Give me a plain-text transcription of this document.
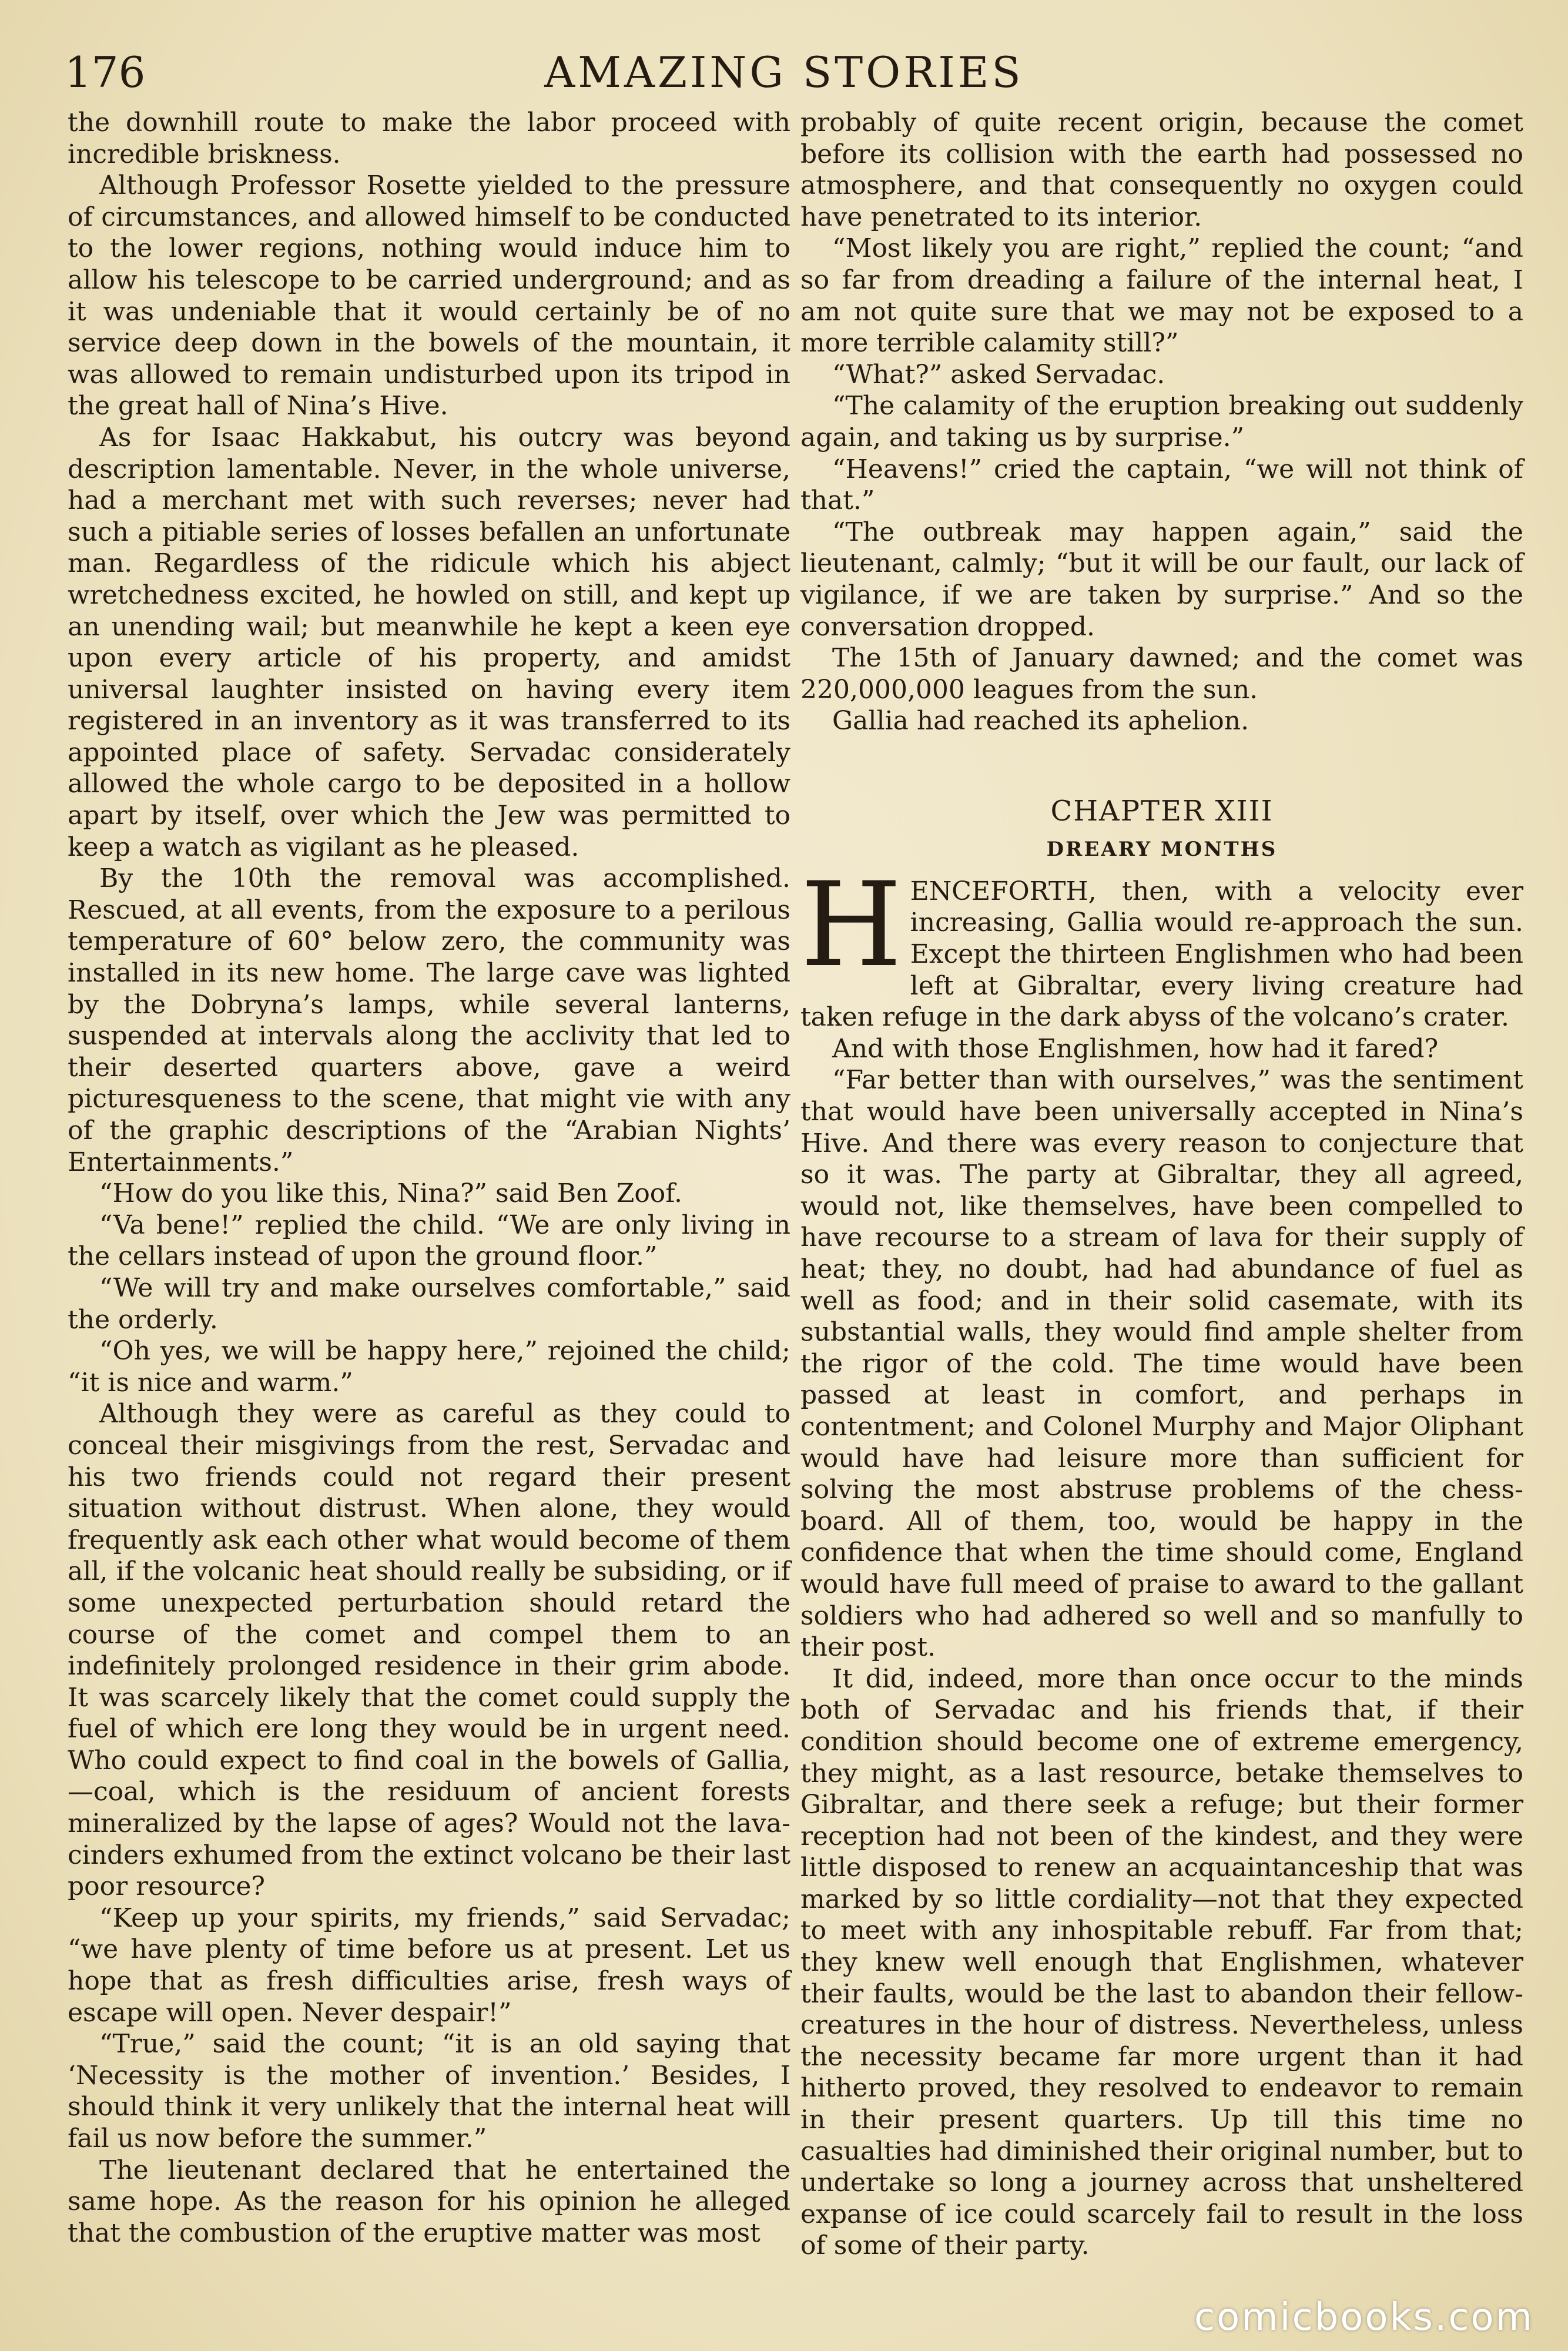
176	AMAZING STORIES

the downhill route to make the labor proceed with incredible briskness.

Although Professor Rosette yielded to the pressure of circumstances, and allowed himself to be conducted to the lower regions, nothing would induce him to allow his telescope to be carried underground; and as it was undeniable that it would certainly be of no service deep down in the bowels of the mountain, it was allowed to remain undisturbed upon its tripod in the great hall of Nina’s Hive.

As for Isaac Hakkabut, his outcry was beyond description lamentable. Never, in the whole universe, had a merchant met with such reverses; never had such a pitiable series of losses befallen an unfortunate man. Regardless of the ridicule which his abject wretchedness excited, he howled on still, and kept up an unending wail; but meanwhile he kept a keen eye upon every article of his property, and amidst universal laughter insisted on having every item registered in an inventory as it was transferred to its appointed place of safety. Servadac considerately allowed the whole cargo to be deposited in a hollow apart by itself, over which the Jew was permitted to keep a watch as vigilant as he pleased.

By the 10th the removal was accomplished. Rescued, at all events, from the exposure to a perilous temperature of 60° below zero, the community was installed in its new home. The large cave was lighted by the Dobryna’s lamps, while several lanterns, suspended at intervals along the acclivity that led to their deserted quarters above, gave a weird picturesqueness to the scene, that might vie with any of the graphic descriptions of the “Arabian Nights’ Entertainments.”

“How do you like this, Nina?” said Ben Zoof.

“Va bene!” replied the child. “We are only living in the cellars instead of upon the ground floor.”

“We will try and make ourselves comfortable,” said the orderly.

“Oh yes, we will be happy here,” rejoined the child; “it is nice and warm.”

Although they were as careful as they could to conceal their misgivings from the rest, Servadac and his two friends could not regard their present situation without distrust. When alone, they would frequently ask each other what would become of them all, if the volcanic heat should really be subsiding, or if some unexpected perturbation should retard the course of the comet and compel them to an indefinitely prolonged residence in their grim abode. It was scarcely likely that the comet could supply the fuel of which ere long they would be in urgent need. Who could expect to find coal in the bowels of Gallia,—coal, which is the residuum of ancient forests mineralized by the lapse of ages? Would not the lava-cinders exhumed from the extinct volcano be their last poor resource?

“Keep up your spirits, my friends,” said Servadac; “we have plenty of time before us at present. Let us hope that as fresh difficulties arise, fresh ways of escape will open. Never despair!”

“True,” said the count; “it is an old saying that ‘Necessity is the mother of invention.’ Besides, I should think it very unlikely that the internal heat will fail us now before the summer.”

The lieutenant declared that he entertained the same hope. As the reason for his opinion he alleged that the combustion of the eruptive matter was most

probably of quite recent origin, because the comet before its collision with the earth had possessed no atmosphere, and that consequently no oxygen could have penetrated to its interior.

“Most likely you are right,” replied the count; “and so far from dreading a failure of the internal heat, I am not quite sure that we may not be exposed to a more terrible calamity still?”

“What?” asked Servadac.

“The calamity of the eruption breaking out suddenly again, and taking us by surprise.”

“Heavens!” cried the captain, “we will not think of that.”

“The outbreak may happen again,” said the lieutenant, calmly; “but it will be our fault, our lack of vigilance, if we are taken by surprise.” And so the conversation dropped.

The 15th of January dawned; and the comet was 220,000,000 leagues from the sun.

Gallia had reached its aphelion.

CHAPTER XIII
DREARY MONTHS

HENCEFORTH, then, with a velocity ever increasing, Gallia would re-approach the sun. Except the thirteen Englishmen who had been left at Gibraltar, every living creature had taken refuge in the dark abyss of the volcano’s crater.

And with those Englishmen, how had it fared?

“Far better than with ourselves,” was the sentiment that would have been universally accepted in Nina’s Hive. And there was every reason to conjecture that so it was. The party at Gibraltar, they all agreed, would not, like themselves, have been compelled to have recourse to a stream of lava for their supply of heat; they, no doubt, had had abundance of fuel as well as food; and in their solid casemate, with its substantial walls, they would find ample shelter from the rigor of the cold. The time would have been passed at least in comfort, and perhaps in contentment; and Colonel Murphy and Major Oliphant would have had leisure more than sufficient for solving the most abstruse problems of the chess-board. All of them, too, would be happy in the confidence that when the time should come, England would have full meed of praise to award to the gallant soldiers who had adhered so well and so manfully to their post.

It did, indeed, more than once occur to the minds both of Servadac and his friends that, if their condition should become one of extreme emergency, they might, as a last resource, betake themselves to Gibraltar, and there seek a refuge; but their former reception had not been of the kindest, and they were little disposed to renew an acquaintanceship that was marked by so little cordiality—not that they expected to meet with any inhospitable rebuff. Far from that; they knew well enough that Englishmen, whatever their faults, would be the last to abandon their fellow-creatures in the hour of distress. Nevertheless, unless the necessity became far more urgent than it had hitherto proved, they resolved to endeavor to remain in their present quarters. Up till this time no casualties had diminished their original number, but to undertake so long a journey across that unsheltered expanse of ice could scarcely fail to result in the loss of some of their party.

comicbooks.com
